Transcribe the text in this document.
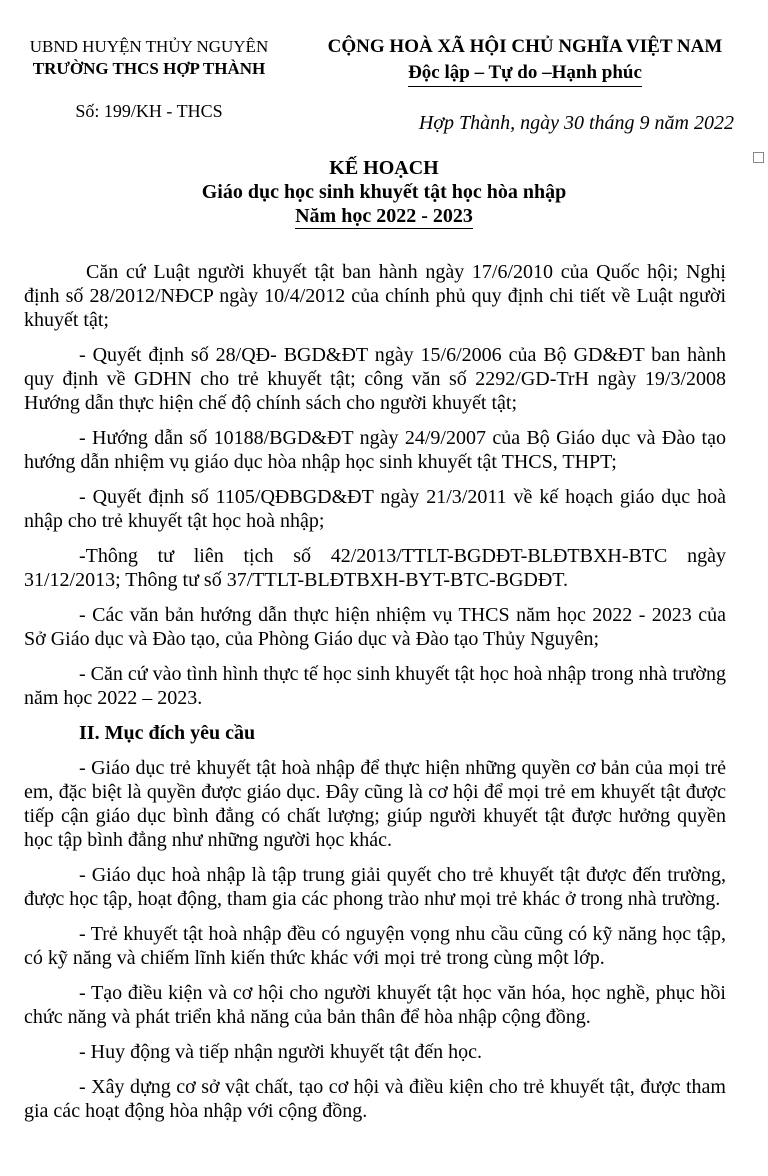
UBND HUYỆN THỦY NGUYÊN
TRƯỜNG THCS HỢP THÀNH
Số: 199/KH - THCS
CỘNG HOÀ XÃ HỘI CHỦ NGHĨA VIỆT NAM
Độc lập – Tự do –Hạnh phúc
Hợp Thành, ngày 30 tháng 9 năm 2022
KẾ HOẠCH
Giáo dục học sinh khuyết tật học hòa nhập
Năm học 2022 - 2023

Căn cứ Luật người khuyết tật ban hành ngày 17/6/2010 của Quốc hội; Nghị định số 28/2012/NĐCP ngày 10/4/2012 của chính phủ quy định chi tiết về Luật người khuyết tật;

- Quyết định số 28/QĐ- BGD&ĐT ngày 15/6/2006 của Bộ GD&ĐT ban hành quy định về GDHN cho trẻ khuyết tật; công văn số 2292/GD-TrH ngày 19/3/2008 Hướng dẫn thực hiện chế độ chính sách cho người khuyết tật;

- Hướng dẫn số 10188/BGD&ĐT ngày 24/9/2007 của Bộ Giáo dục và Đào tạo hướng dẫn nhiệm vụ giáo dục hòa nhập học sinh khuyết tật THCS, THPT;

- Quyết định số 1105/QĐBGD&ĐT ngày 21/3/2011 về kế hoạch giáo dục hoà nhập cho trẻ khuyết tật học hoà nhập;

-Thông tư liên tịch số 42/2013/TTLT-BGDĐT-BLĐTBXH-BTC ngày 31/12/2013; Thông tư số 37/TTLT-BLĐTBXH-BYT-BTC-BGDĐT.

- Các văn bản hướng dẫn thực hiện nhiệm vụ THCS năm học 2022 - 2023 của Sở Giáo dục và Đào tạo, của Phòng Giáo dục và Đào tạo Thủy Nguyên;

- Căn cứ vào tình hình thực tế học sinh khuyết tật học hoà nhập trong nhà trường năm học 2022 – 2023.

II. Mục đích yêu cầu

- Giáo dục trẻ khuyết tật hoà nhập để thực hiện những quyền cơ bản của mọi trẻ em, đặc biệt là quyền được giáo dục. Đây cũng là cơ hội để mọi trẻ em khuyết tật được tiếp cận giáo dục bình đẳng có chất lượng; giúp người khuyết tật được hưởng quyền học tập bình đẳng như những người học khác.

- Giáo dục hoà nhập là tập trung giải quyết cho trẻ khuyết tật được đến trường, được học tập, hoạt động, tham gia các phong trào như mọi trẻ khác ở trong nhà trường.

- Trẻ khuyết tật hoà nhập đều có nguyện vọng nhu cầu cũng có kỹ năng học tập, có kỹ năng và chiếm lĩnh kiến thức khác với mọi trẻ trong cùng một lớp.

- Tạo điều kiện và cơ hội cho người khuyết tật học văn hóa, học nghề, phục hồi chức năng và phát triển khả năng của bản thân để hòa nhập cộng đồng.

- Huy động và tiếp nhận người khuyết tật đến học.

- Xây dựng cơ sở vật chất, tạo cơ hội và điều kiện cho trẻ khuyết tật, được tham gia các hoạt động hòa nhập với cộng đồng.
